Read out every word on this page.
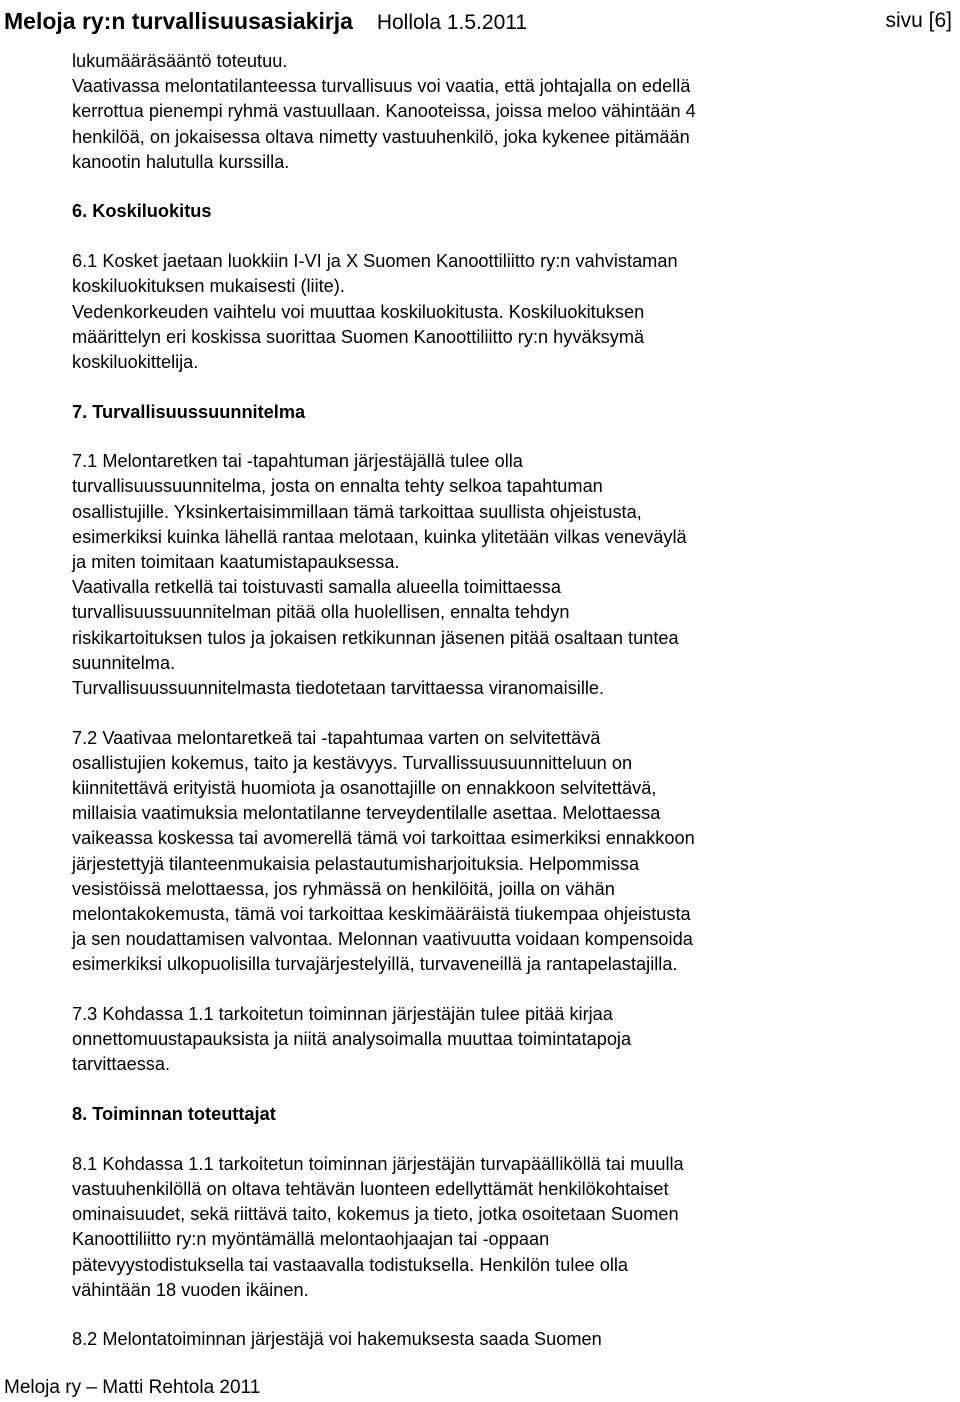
Meloja ry:n turvallisuusasiakirja Hollola 1.5.2011	sivu [6]
lukumääräsääntö toteutuu.
Vaativassa melontatilanteessa turvallisuus voi vaatia, että johtajalla on edellä
kerrottua pienempi ryhmä vastuullaan. Kanooteissa, joissa meloo vähintään 4
henkilöä, on jokaisessa oltava nimetty vastuuhenkilö, joka kykenee pitämään
kanootin halutulla kurssilla.
6. Koskiluokitus
6.1 Kosket jaetaan luokkiin I-VI ja X Suomen Kanoottiliitto ry:n vahvistaman
koskiluokituksen mukaisesti (liite).
Vedenkorkeuden vaihtelu voi muuttaa koskiluokitusta. Koskiluokituksen
määrittelyn eri koskissa suorittaa Suomen Kanoottiliitto ry:n hyväksymä
koskiluokittelija.
7. Turvallisuussuunnitelma
7.1 Melontaretken tai -tapahtuman järjestäjällä tulee olla
turvallisuussuunnitelma, josta on ennalta tehty selkoa tapahtuman
osallistujille. Yksinkertaisimmillaan tämä tarkoittaa suullista ohjeistusta,
esimerkiksi kuinka lähellä rantaa melotaan, kuinka ylitetään vilkas veneväylä
ja miten toimitaan kaatumistapauksessa.
Vaativalla retkellä tai toistuvasti samalla alueella toimittaessa
turvallisuussuunnitelman pitää olla huolellisen, ennalta tehdyn
riskikartoituksen tulos ja jokaisen retkikunnan jäsenen pitää osaltaan tuntea
suunnitelma.
Turvallisuussuunnitelmasta tiedotetaan tarvittaessa viranomaisille.
7.2 Vaativaa melontaretkeä tai -tapahtumaa varten on selvitettävä
osallistujien kokemus, taito ja kestävyys. Turvallissuusuunnitteluun on
kiinnitettävä erityistä huomiota ja osanottajille on ennakkoon selvitettävä,
millaisia vaatimuksia melontatilanne terveydentilalle asettaa. Melottaessa
vaikeassa koskessa tai avomerellä tämä voi tarkoittaa esimerkiksi ennakkoon
järjestettyjä tilanteenmukaisia pelastautumisharjoituksia. Helpommissa
vesistöissä melottaessa, jos ryhmässä on henkilöitä, joilla on vähän
melontakokemusta, tämä voi tarkoittaa keskimääräistä tiukempaa ohjeistusta
ja sen noudattamisen valvontaa. Melonnan vaativuutta voidaan kompensoida
esimerkiksi ulkopuolisilla turvajärjestelyillä, turvaveneillä ja rantapelastajilla.
7.3 Kohdassa 1.1 tarkoitetun toiminnan järjestäjän tulee pitää kirjaa
onnettomuustapauksista ja niitä analysoimalla muuttaa toimintatapoja
tarvittaessa.
8. Toiminnan toteuttajat
8.1 Kohdassa 1.1 tarkoitetun toiminnan järjestäjän turvapäälliköllä tai muulla
vastuuhenkilöllä on oltava tehtävän luonteen edellyttämät henkilökohtaiset
ominaisuudet, sekä riittävä taito, kokemus ja tieto, jotka osoitetaan Suomen
Kanoottiliitto ry:n myöntämällä melontaohjaajan tai -oppaan
pätevyystodistuksella tai vastaavalla todistuksella. Henkilön tulee olla
vähintään 18 vuoden ikäinen.
8.2 Melontatoiminnan järjestäjä voi hakemuksesta saada Suomen
Meloja ry – Matti Rehtola 2011
